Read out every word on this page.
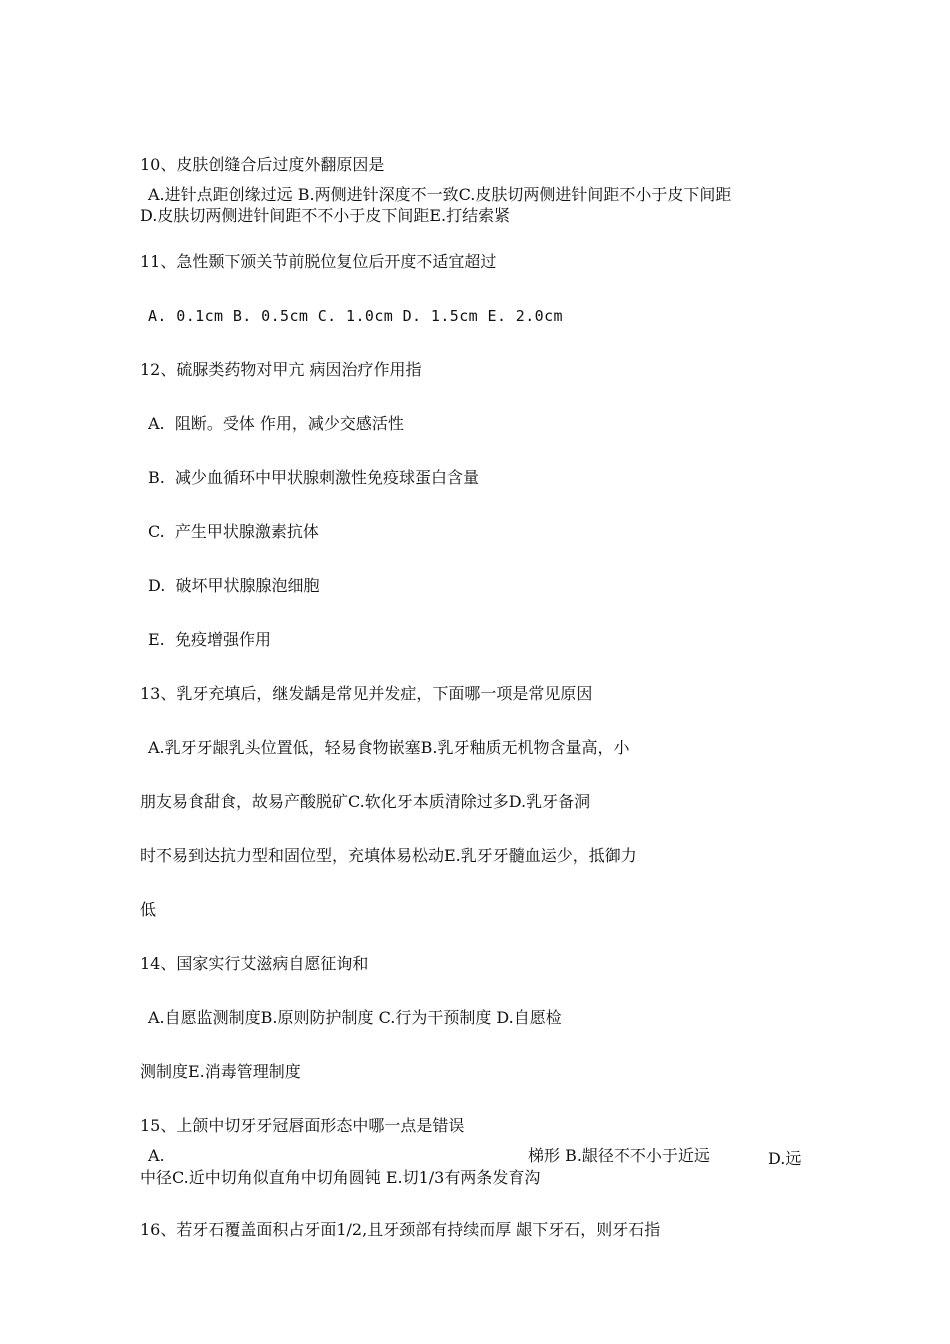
10、皮肤创缝合后过度外翻原因是
A.进针点距创缘过远 B.两侧进针深度不一致C.皮肤切两侧进针间距不小于皮下间距
D.皮肤切两侧进针间距不不小于皮下间距E.打结索紧
11、急性颞下颁关节前脱位复位后开度不适宜超过
A. 0.1cm B. 0.5cm C. 1.0cm D. 1.5cm E. 2.0cm
12、硫脲类药物对甲亢 病因治疗作用指
A.  阻断。受体 作用，减少交感活性
B.  减少血循环中甲状腺刺激性免疫球蛋白含量
C.  产生甲状腺激素抗体
D.  破坏甲状腺腺泡细胞
E.  免疫增强作用
13、乳牙充填后，继发龋是常见并发症，下面哪一项是常见原因
A.乳牙牙龈乳头位置低，轻易食物嵌塞B.乳牙釉质无机物含量高，小
朋友易食甜食，故易产酸脱矿C.软化牙本质清除过多D.乳牙备洞
时不易到达抗力型和固位型，充填体易松动E.乳牙牙髓血运少，抵御力
低
14、国家实行艾滋病自愿征询和
A.自愿监测制度B.原则防护制度 C.行为干预制度 D.自愿检
测制度E.消毒管理制度
15、上颌中切牙牙冠唇面形态中哪一点是错误
A.	梯形 B.龈径不不小于近远	D.远
中径C.近中切角似直角中切角圆钝 E.切1/3有两条发育沟
16、若牙石覆盖面积占牙面1/2,且牙颈部有持续而厚 龈下牙石，则牙石指
